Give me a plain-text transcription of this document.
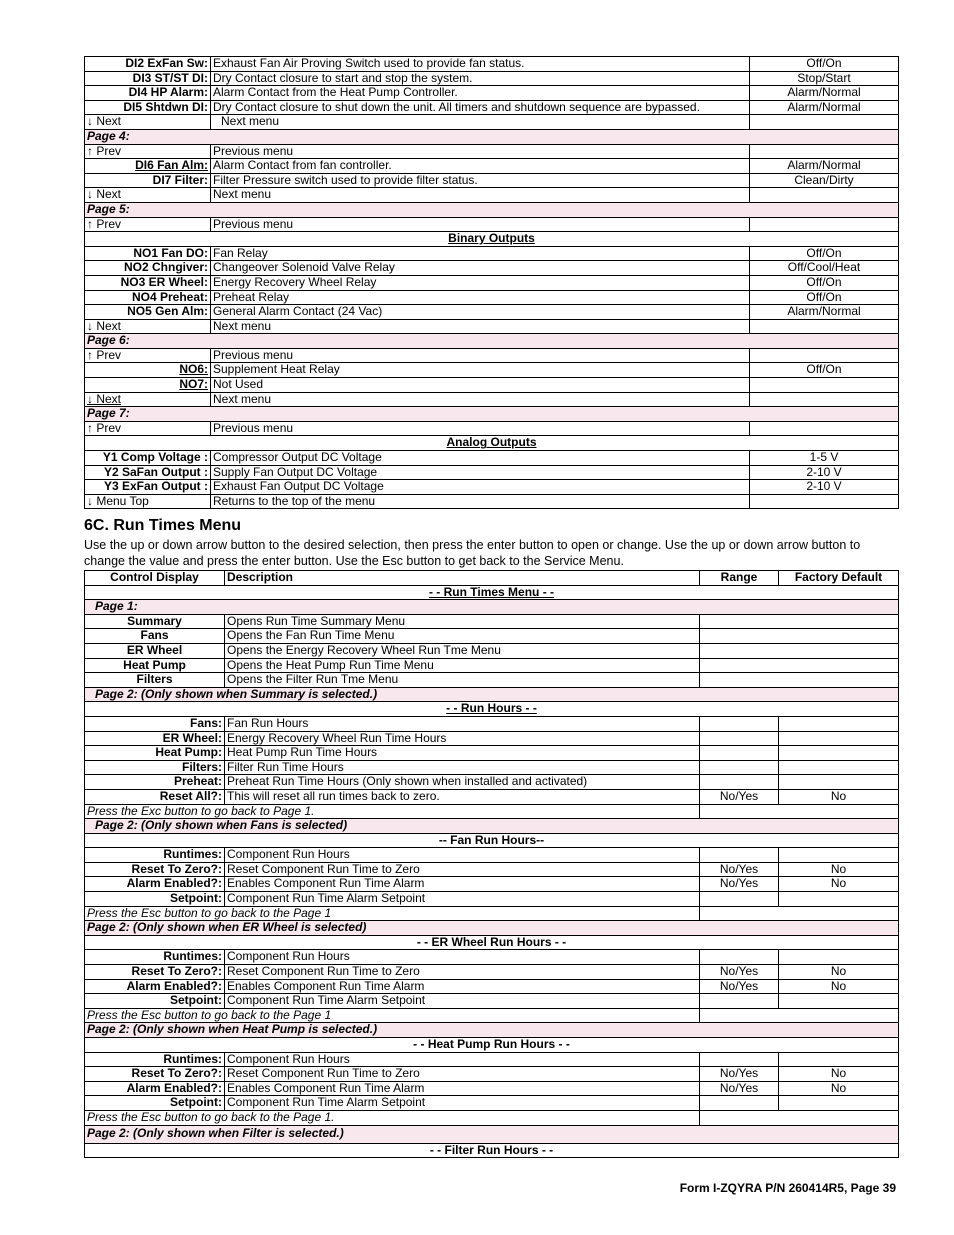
DI2 ExFan Sw:	Exhaust Fan Air Proving Switch used to provide fan status.	Off/On
DI3 ST/ST DI:	Dry Contact closure to start and stop the system.	Stop/Start
DI4 HP Alarm:	Alarm Contact from the Heat Pump Controller.	Alarm/Normal
DI5 Shtdwn DI:	Dry Contact closure to shut down the unit. All timers and shutdown sequence are bypassed.	Alarm/Normal
↓ Next	Next menu	
Page 4:		
↑ Prev	Previous menu	
DI6 Fan Alm:	Alarm Contact from fan controller.	Alarm/Normal
DI7 Filter:	Filter Pressure switch used to provide filter status.	Clean/Dirty
↓ Next	Next menu	
Page 5:		
↑ Prev	Previous menu	
Binary Outputs		
NO1 Fan DO:	Fan Relay	Off/On
NO2 Chngiver:	Changeover Solenoid Valve Relay	Off/Cool/Heat
NO3 ER Wheel:	Energy Recovery Wheel Relay	Off/On
NO4 Preheat:	Preheat Relay	Off/On
NO5 Gen Alm:	General Alarm Contact (24 Vac)	Alarm/Normal
↓ Next	Next menu	
Page 6:		
↑ Prev	Previous menu	
NO6:	Supplement Heat Relay	Off/On
NO7:	Not Used	
↓ Next	Next menu	
Page 7:		
↑ Prev	Previous menu	
Analog Outputs		
Y1 Comp Voltage :	Compressor Output DC Voltage	1-5 V
Y2 SaFan Output :	Supply Fan Output DC Voltage	2-10 V
Y3 ExFan Output :	Exhaust Fan Output DC Voltage	2-10 V
↓ Menu Top	Returns to the top of the menu	
6C. Run Times Menu

Use the up or down arrow button to the desired selection, then press the enter button to open or change. Use the up or down arrow button to change the value and press the enter button. Use the Esc button to get back to the Service Menu.

Control Display	Description	Range	Factory Default
- - Run Times Menu - -			
Page 1:			
Summary	Opens Run Time Summary Menu		
Fans	Opens the Fan Run Time Menu		
ER Wheel	Opens the Energy Recovery Wheel Run Tme Menu		
Heat Pump	Opens the Heat Pump Run Time Menu		
Filters	Opens the Filter Run Tme Menu		
Page 2: (Only shown when Summary is selected.)			
- - Run Hours - -			
Fans:	Fan Run Hours		
ER Wheel:	Energy Recovery Wheel Run Time Hours		
Heat Pump:	Heat Pump Run Time Hours		
Filters:	Filter Run Time Hours		
Preheat:	Preheat Run Time Hours (Only shown when installed and activated)		
Reset All?:	This will reset all run times back to zero.	No/Yes	No
Press the Exc button to go back to Page 1.			
Page 2: (Only shown when Fans is selected)			
-- Fan Run Hours--			
Runtimes:	Component Run Hours		
Reset To Zero?:	Reset Component Run Time to Zero	No/Yes	No
Alarm Enabled?:	Enables Component Run Time Alarm	No/Yes	No
Setpoint:	Component Run Time Alarm Setpoint		
Press the Esc button to go back to the Page 1			
Page 2: (Only shown when ER Wheel is selected)			
- - ER Wheel Run Hours - -			
Runtimes:	Component Run Hours		
Reset To Zero?:	Reset Component Run Time to Zero	No/Yes	No
Alarm Enabled?:	Enables Component Run Time Alarm	No/Yes	No
Setpoint:	Component Run Time Alarm Setpoint		
Press the Esc button to go back to the Page 1			
Page 2: (Only shown when Heat Pump is selected.)			
- - Heat Pump Run Hours - -			
Runtimes:	Component Run Hours		
Reset To Zero?:	Reset Component Run Time to Zero	No/Yes	No
Alarm Enabled?:	Enables Component Run Time Alarm	No/Yes	No
Setpoint:	Component Run Time Alarm Setpoint		
Press the Esc button to go back to the Page 1.			
Page 2: (Only shown when Filter is selected.)			
- - Filter Run Hours - -			
Form I-ZQYRA P/N 260414R5, Page 39
